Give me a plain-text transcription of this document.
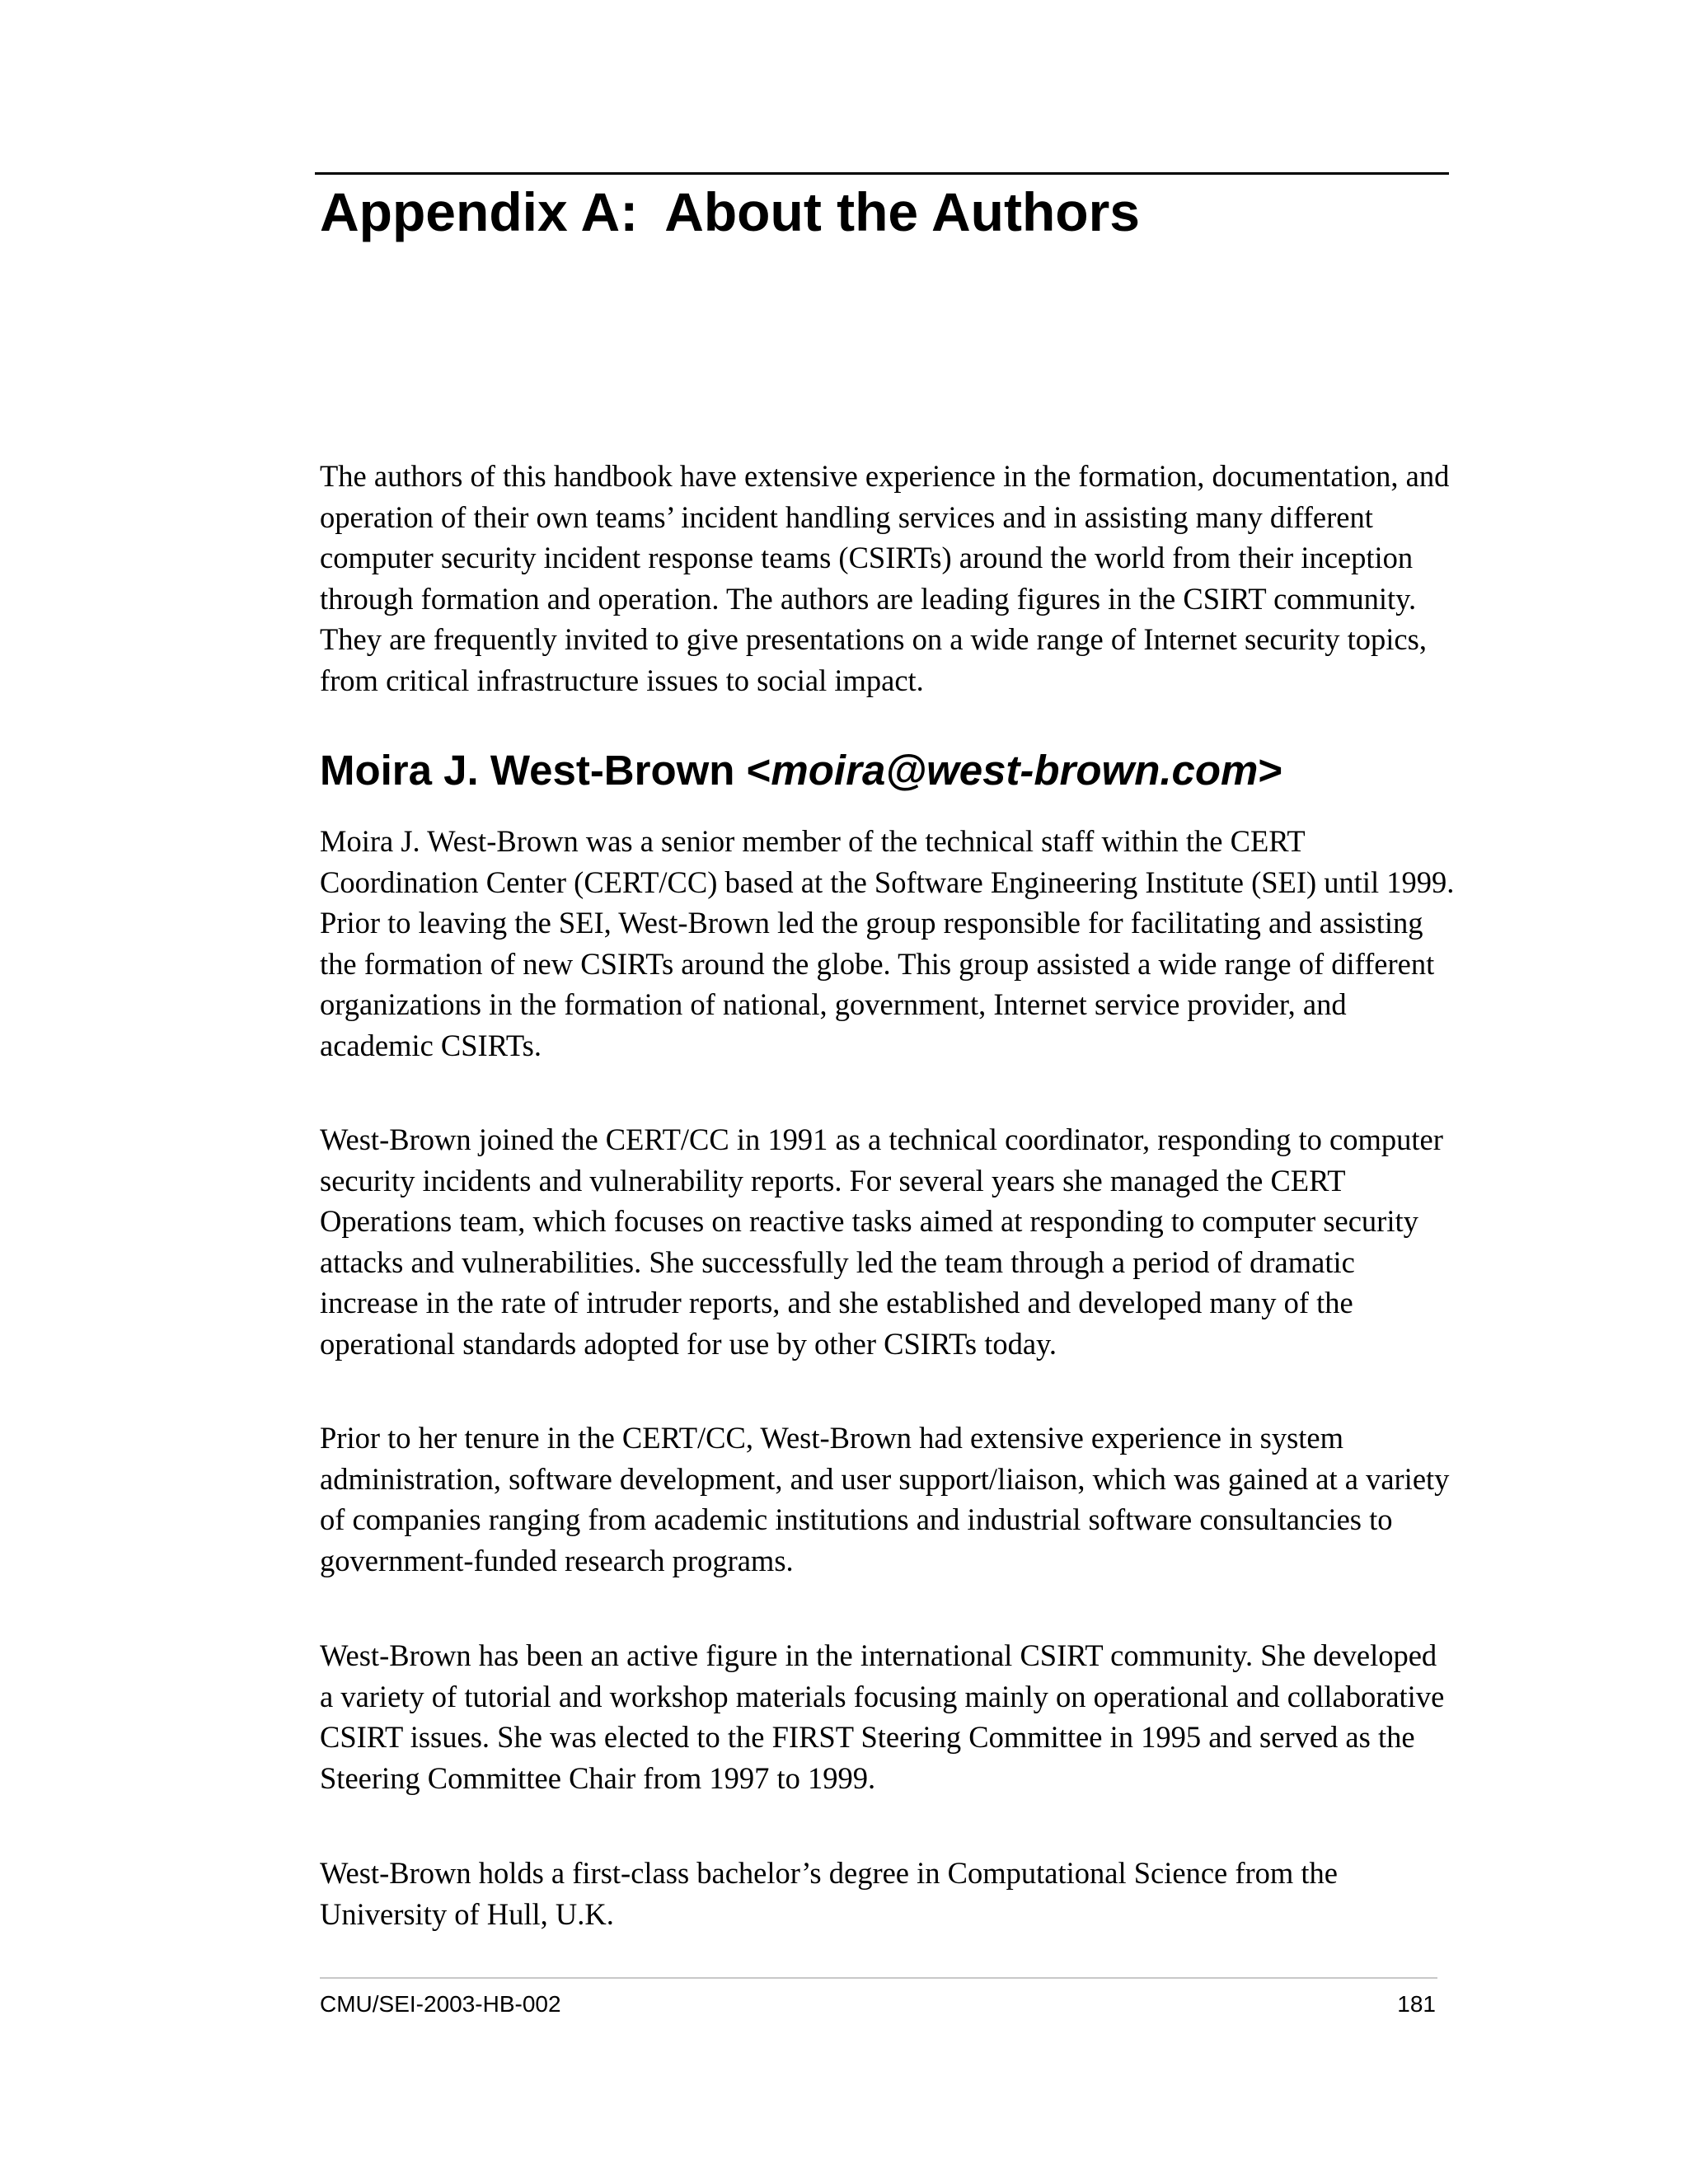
Appendix A: About the Authors

The authors of this handbook have extensive experience in the formation, documentation, and operation of their own teams’ incident handling services and in assisting many different computer security incident response teams (CSIRTs) around the world from their inception through formation and operation. The authors are leading figures in the CSIRT community. They are frequently invited to give presentations on a wide range of Internet security topics, from critical infrastructure issues to social impact.

Moira J. West-Brown <moira@west-brown.com>

Moira J. West-Brown was a senior member of the technical staff within the CERT Coordination Center (CERT/CC) based at the Software Engineering Institute (SEI) until 1999. Prior to leaving the SEI, West-Brown led the group responsible for facilitating and assisting the formation of new CSIRTs around the globe. This group assisted a wide range of different organizations in the formation of national, government, Internet service provider, and academic CSIRTs.

West-Brown joined the CERT/CC in 1991 as a technical coordinator, responding to computer security incidents and vulnerability reports. For several years she managed the CERT Operations team, which focuses on reactive tasks aimed at responding to computer security attacks and vulnerabilities. She successfully led the team through a period of dramatic increase in the rate of intruder reports, and she established and developed many of the operational standards adopted for use by other CSIRTs today.

Prior to her tenure in the CERT/CC, West-Brown had extensive experience in system administration, software development, and user support/liaison, which was gained at a variety of companies ranging from academic institutions and industrial software consultancies to government-funded research programs.

West-Brown has been an active figure in the international CSIRT community. She developed a variety of tutorial and workshop materials focusing mainly on operational and collaborative CSIRT issues. She was elected to the FIRST Steering Committee in 1995 and served as the Steering Committee Chair from 1997 to 1999.

West-Brown holds a first-class bachelor’s degree in Computational Science from the University of Hull, U.K.

CMU/SEI-2003-HB-002	181
